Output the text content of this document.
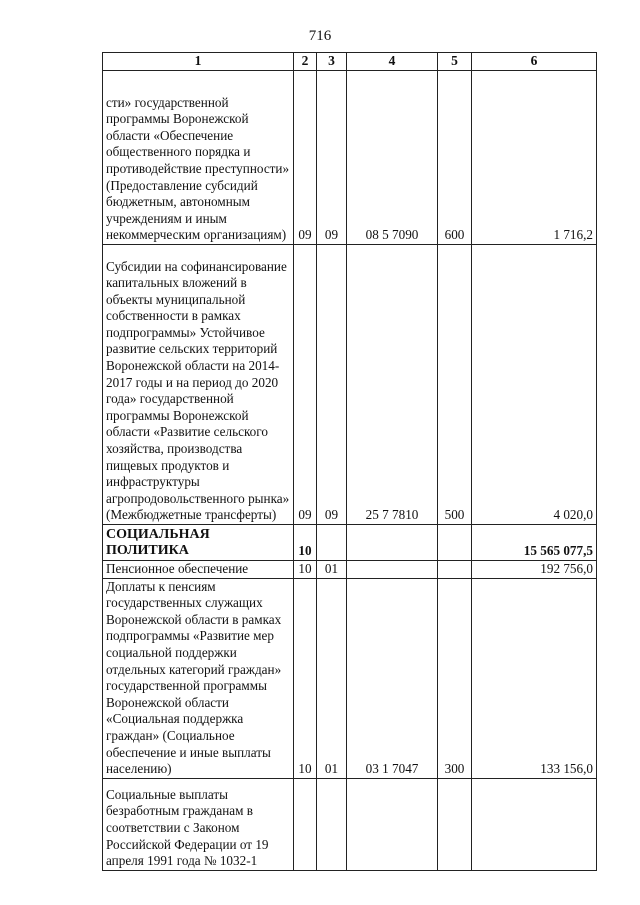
716
1	2	3	4	5	6
сти» государственной программы Воронежской области «Обеспечение общественного порядка и противодействие преступности» (Предоставление субсидий бюджетным, автономным учреждениям и иным некоммерческим организациям)	09	09	08 5 7090	600	1 716,2
Субсидии на софинансирование капитальных вложений в объекты муниципальной собственности в рамках подпрограммы» Устойчивое развитие сельских территорий Воронежской области на 2014-2017 годы и на период до 2020 года» государственной программы Воронежской области «Развитие сельского хозяйства, производства пищевых продуктов и инфраструктуры агропродовольственного рынка» (Межбюджетные трансферты)	09	09	25 7 7810	500	4 020,0
СОЦИАЛЬНАЯ ПОЛИТИКА	10				15 565 077,5
Пенсионное обеспечение	10	01			192 756,0
Доплаты к пенсиям государственных служащих Воронежской области в рамках подпрограммы «Развитие мер социальной поддержки отдельных категорий граждан» государственной программы Воронежской области «Социальная поддержка граждан» (Социальное обеспечение и иные выплаты населению)	10	01	03 1 7047	300	133 156,0
Социальные выплаты безработным гражданам в соответствии с Законом Российской Федерации от 19 апреля 1991 года № 1032-1					
